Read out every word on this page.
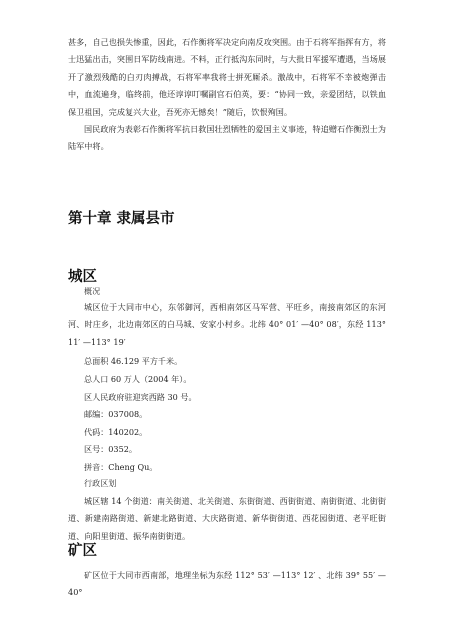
甚多，自己也损失惨重，因此，石作衡将军决定向南反攻突围。由于石将军指挥有方，将士迅猛出击，突围日军防线南进。不料，正行抵沟东同时，与大批日军援军遭遇，当场展开了激烈残酷的白刃肉搏战，石将军率我将士拼死厮杀。激战中，石将军不幸被炮弹击中，血流遍身，临终前，他还谆谆叮嘱副官石伯英，要：“协同一致，亲爱团结，以铁血保卫祖国，完成复兴大业，吾死亦无憾矣！”随后，饮恨殉国。
国民政府为表彰石作衡将军抗日救国壮烈牺牲的爱国主义事迹，特追赠石作衡烈士为陆军中将。
第十章 隶属县市
城区
概况
城区位于大同市中心，东邻御河，西相南郊区马军营、平旺乡，南接南郊区的东河河、时庄乡，北边南郊区的白马城、安家小村乡。北纬 40° 01′ —40° 08′，东经 113° 11′ —113° 19′
总面积 46.129 平方千米。
总人口 60 万人（2004 年）。
区人民政府驻迎宾西路 30 号。
邮编：037008。
代码：140202。
区号：0352。
拼音：Cheng Qu。
行政区划
城区辖 14 个街道：南关街道、北关街道、东街街道、西街街道、南街街道、北街街道、新建南路街道、新建北路街道、大庆路街道、新华街街道、西花园街道、老平旺街道、向阳里街道、振华南街街道。
矿区
矿区位于大同市西南部，地理坐标为东经 112° 53′ —113° 12′ 、北纬 39° 55′ —40°
